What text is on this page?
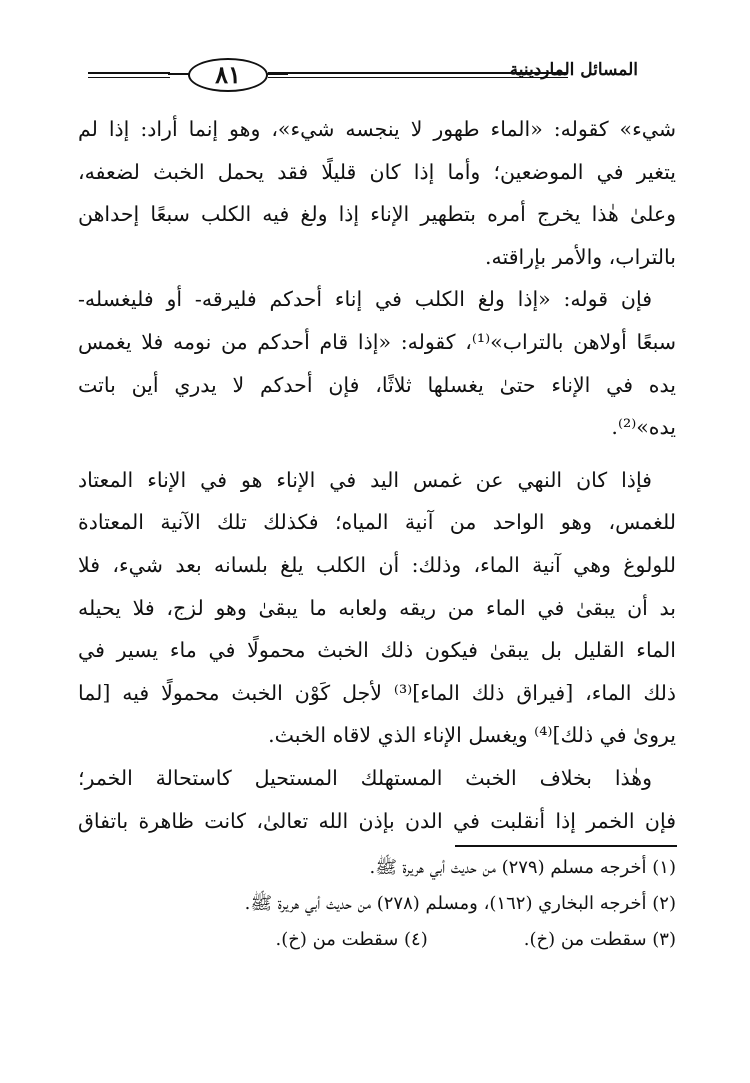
٨١	المسائل الماردينية
شيء» كقوله: «الماء طهور لا ينجسه شيء»، وهو إنما أراد: إذا لم
يتغير في الموضعين؛ وأما إذا كان قليلًا فقد يحمل الخبث لضعفه،
وعلىٰ هٰذا يخرج أمره بتطهير الإناء إذا ولغ فيه الكلب سبعًا إحداهن
بالتراب، والأمر بإراقته.
فإن قوله: «إذا ولغ الكلب في إناء أحدكم فليرقه- أو فليغسله-
سبعًا أولاهن بالتراب»⁽¹⁾، كقوله: «إذا قام أحدكم من نومه فلا يغمس
يده في الإناء حتىٰ يغسلها ثلاثًا، فإن أحدكم لا يدري أين باتت
يده»⁽²⁾.
فإذا كان النهي عن غمس اليد في الإناء هو في الإناء المعتاد
للغمس، وهو الواحد من آنية المياه؛ فكذلك تلك الآنية المعتادة
للولوغ وهي آنية الماء، وذلك: أن الكلب يلغ بلسانه بعد شيء، فلا
بد أن يبقىٰ في الماء من ريقه ولعابه ما يبقىٰ وهو لزج، فلا يحيله
الماء القليل بل يبقىٰ فيكون ذلك الخبث محمولًا في ماء يسير في
ذلك الماء، [فيراق ذلك الماء]⁽³⁾ لأجل كَوْن الخبث محمولًا فيه [لما
يروىٰ في ذلك]⁽⁴⁾ ويغسل الإناء الذي لاقاه الخبث.
وهٰذا بخلاف الخبث المستهلك المستحيل كاستحالة الخمر؛
فإن الخمر إذا أنقلبت في الدن بإذن الله تعالىٰ، كانت ظاهرة باتفاق
(١) أخرجه مسلم (٢٧٩) من حديث أبي هريرة ﷺ.
(٢) أخرجه البخاري (١٦٢)، ومسلم (٢٧٨) من حديث أبي هريرة ﷺ.
(٣) سقطت من (خ).(٤) سقطت من (خ).
